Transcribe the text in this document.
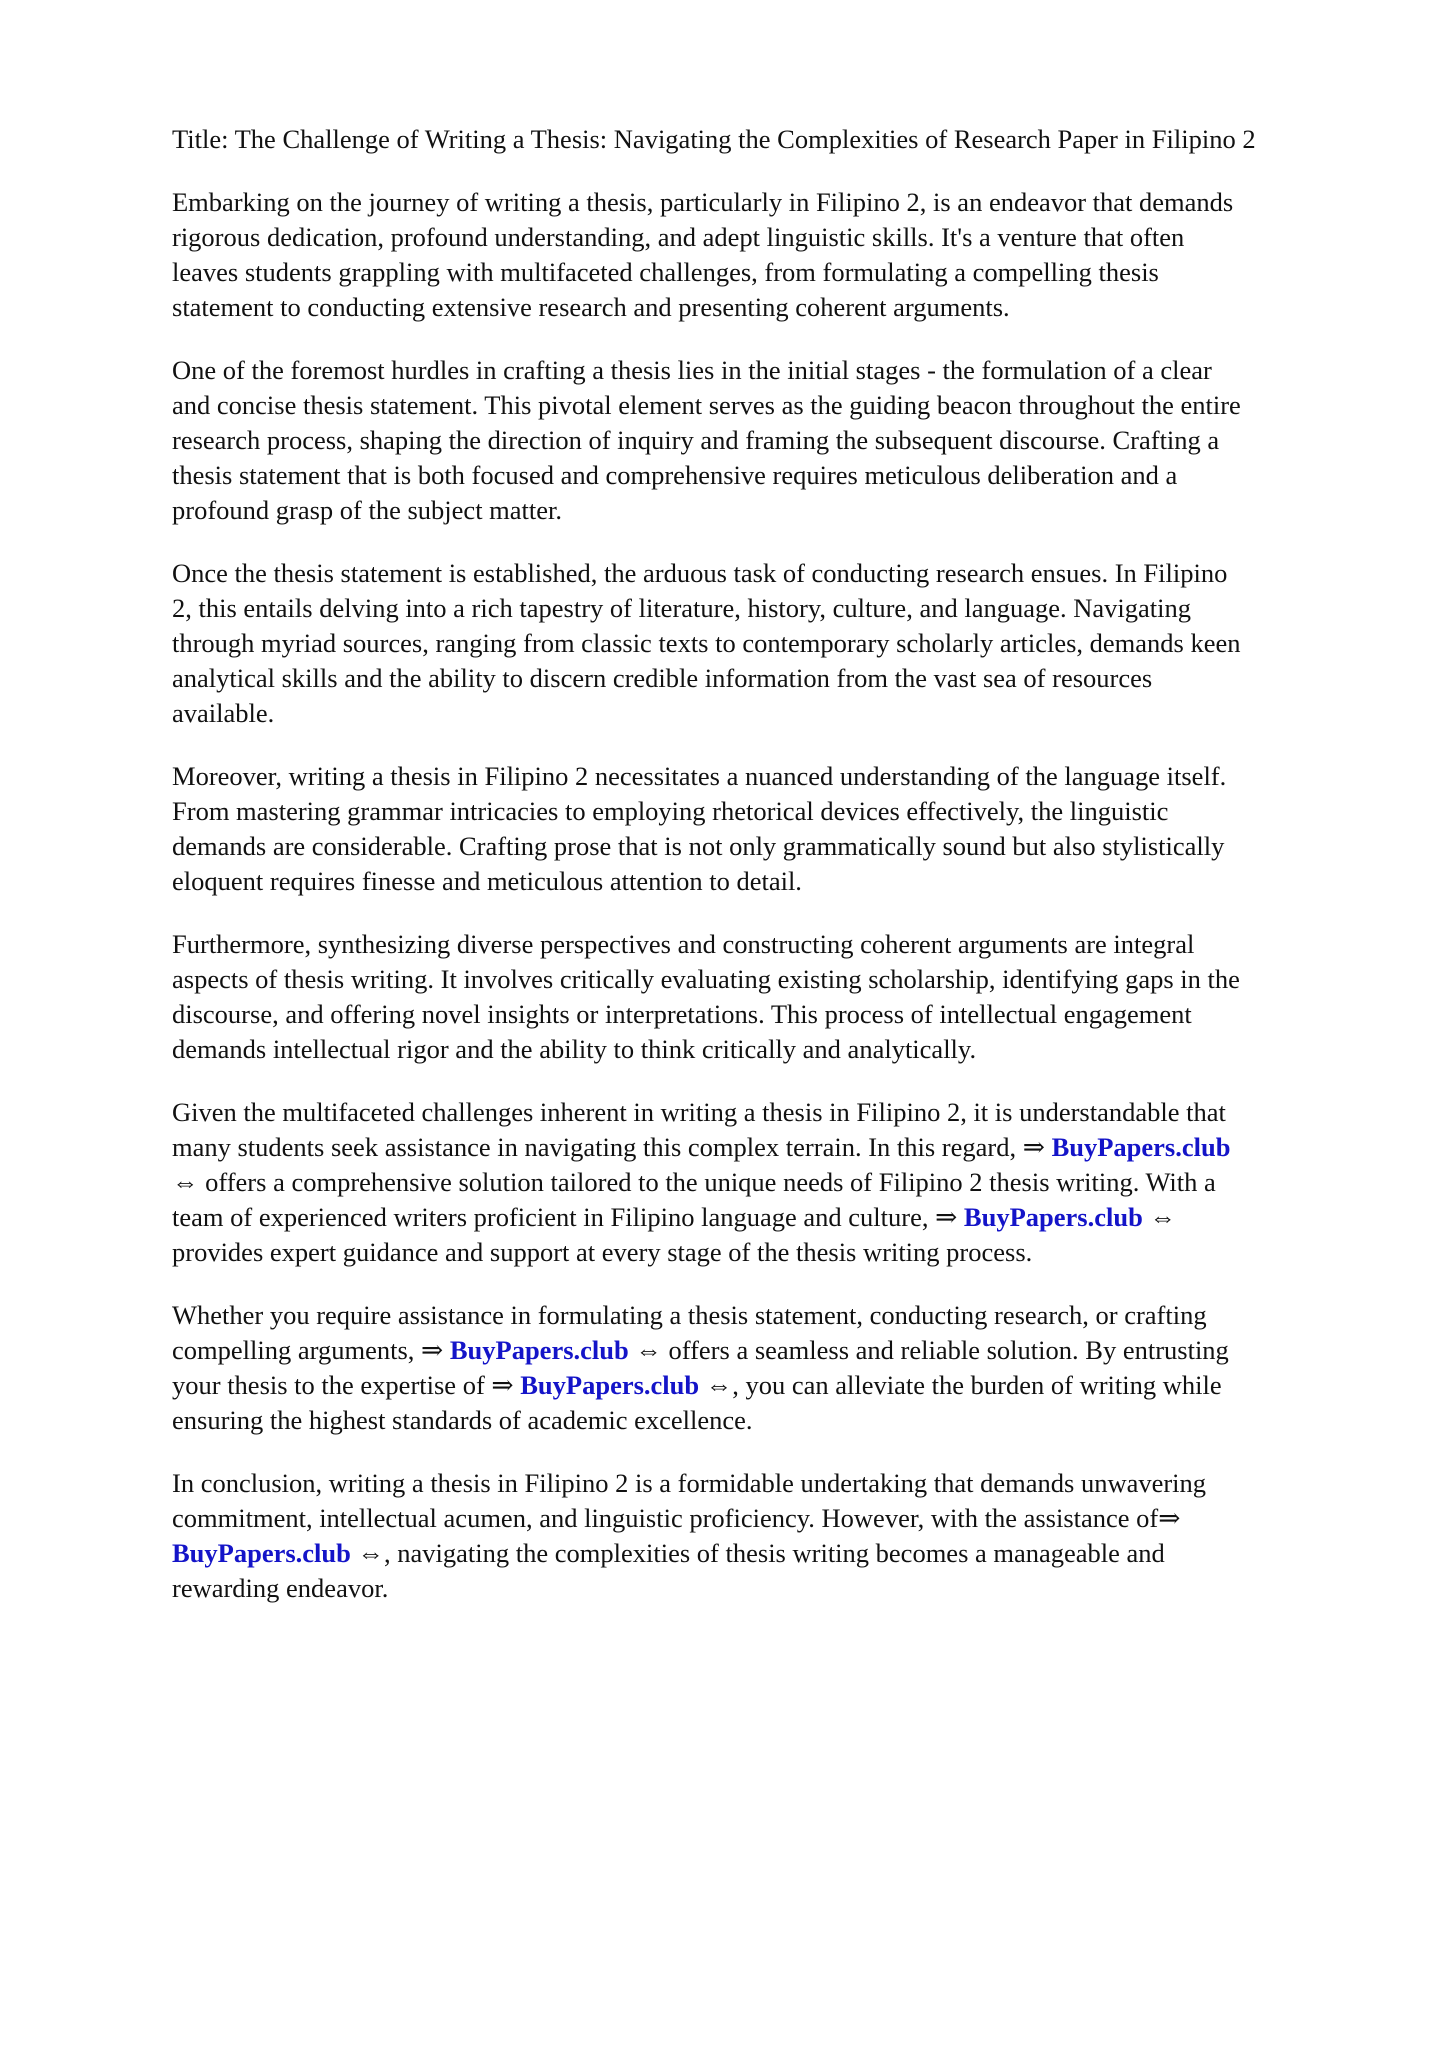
Title: The Challenge of Writing a Thesis: Navigating the Complexities of Research Paper in Filipino 2
Embarking on the journey of writing a thesis, particularly in Filipino 2, is an endeavor that demands
rigorous dedication, profound understanding, and adept linguistic skills. It's a venture that often
leaves students grappling with multifaceted challenges, from formulating a compelling thesis
statement to conducting extensive research and presenting coherent arguments.
One of the foremost hurdles in crafting a thesis lies in the initial stages - the formulation of a clear
and concise thesis statement. This pivotal element serves as the guiding beacon throughout the entire
research process, shaping the direction of inquiry and framing the subsequent discourse. Crafting a
thesis statement that is both focused and comprehensive requires meticulous deliberation and a
profound grasp of the subject matter.
Once the thesis statement is established, the arduous task of conducting research ensues. In Filipino
2, this entails delving into a rich tapestry of literature, history, culture, and language. Navigating
through myriad sources, ranging from classic texts to contemporary scholarly articles, demands keen
analytical skills and the ability to discern credible information from the vast sea of resources
available.
Moreover, writing a thesis in Filipino 2 necessitates a nuanced understanding of the language itself.
From mastering grammar intricacies to employing rhetorical devices effectively, the linguistic
demands are considerable. Crafting prose that is not only grammatically sound but also stylistically
eloquent requires finesse and meticulous attention to detail.
Furthermore, synthesizing diverse perspectives and constructing coherent arguments are integral
aspects of thesis writing. It involves critically evaluating existing scholarship, identifying gaps in the
discourse, and offering novel insights or interpretations. This process of intellectual engagement
demands intellectual rigor and the ability to think critically and analytically.
Given the multifaceted challenges inherent in writing a thesis in Filipino 2, it is understandable that
many students seek assistance in navigating this complex terrain. In this regard, ⇒ BuyPapers.club
⇔ offers a comprehensive solution tailored to the unique needs of Filipino 2 thesis writing. With a
team of experienced writers proficient in Filipino language and culture, ⇒ BuyPapers.club ⇔
provides expert guidance and support at every stage of the thesis writing process.
Whether you require assistance in formulating a thesis statement, conducting research, or crafting
compelling arguments, ⇒ BuyPapers.club ⇔ offers a seamless and reliable solution. By entrusting
your thesis to the expertise of ⇒ BuyPapers.club ⇔, you can alleviate the burden of writing while
ensuring the highest standards of academic excellence.
In conclusion, writing a thesis in Filipino 2 is a formidable undertaking that demands unwavering
commitment, intellectual acumen, and linguistic proficiency. However, with the assistance of⇒
BuyPapers.club ⇔, navigating the complexities of thesis writing becomes a manageable and
rewarding endeavor.
